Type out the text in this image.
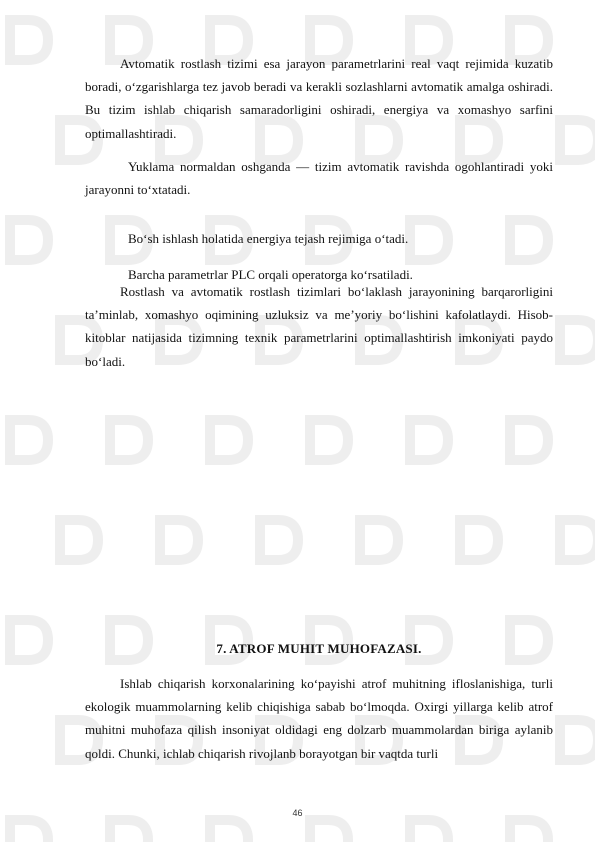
Avtomatik rostlash tizimi esa jarayon parametrlarini real vaqt rejimida kuzatib boradi, o‘zgarishlarga tez javob beradi va kerakli sozlashlarni avtomatik amalga oshiradi. Bu tizim ishlab chiqarish samaradorligini oshiradi, energiya va xomashyo sarfini optimallashtiradi.

Yuklama normaldan oshganda — tizim avtomatik ravishda ogohlantiradi yoki jarayonni to‘xtatadi.

Bo‘sh ishlash holatida energiya tejash rejimiga o‘tadi.
Barcha parametrlar PLC orqali operatorga ko‘rsatiladi.

Rostlash va avtomatik rostlash tizimlari bo‘laklash jarayonining barqarorligini ta’minlab, xomashyo oqimining uzluksiz va me’yoriy bo‘lishini kafolatlaydi. Hisob-kitoblar natijasida tizimning texnik parametrlarini optimallashtirish imkoniyati paydo bo‘ladi.

7. ATROF MUHIT MUHOFAZASI.

Ishlab chiqarish korxonalarining ko‘payishi atrof muhitning ifloslanishiga, turli ekologik muammolarning kelib chiqishiga sabab bo‘lmoqda. Oxirgi yillarga kelib atrof muhitni muhofaza qilish insoniyat oldidagi eng dolzarb muammolardan biriga aylanib qoldi. Chunki, ichlab chiqarish rivojlanb borayotgan bir vaqtda turli

46
